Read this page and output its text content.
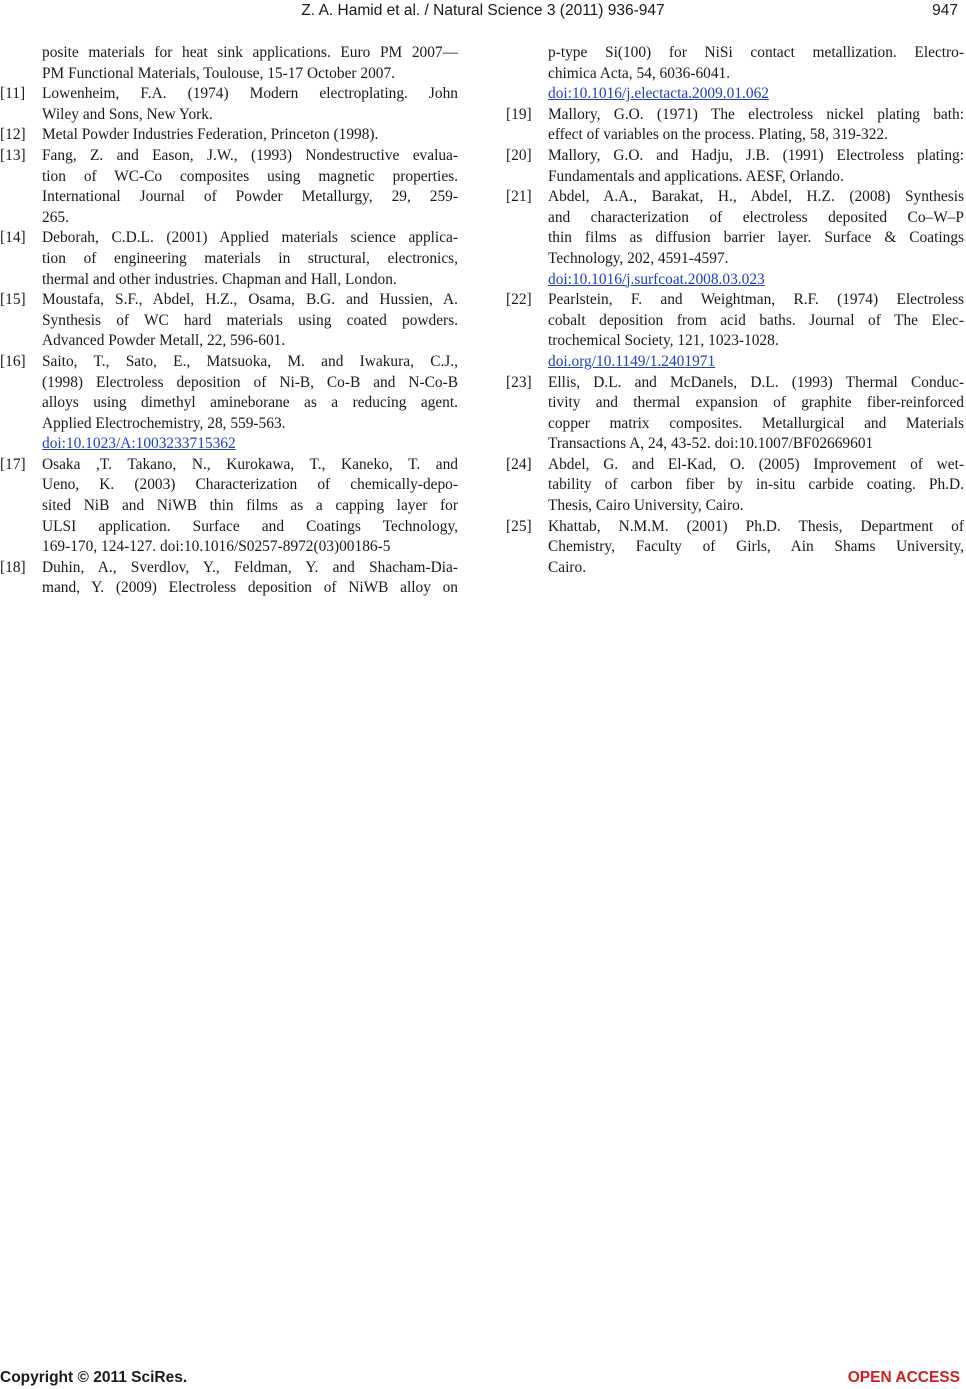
Z. A. Hamid et al. / Natural Science 3 (2011) 936-947	947
posite materials for heat sink applications. Euro PM 2007—
PM Functional Materials, Toulouse, 15-17 October 2007.
[11] Lowenheim, F.A. (1974) Modern electroplating. John
Wiley and Sons, New York.
[12] Metal Powder Industries Federation, Princeton (1998).
[13] Fang, Z. and Eason, J.W., (1993) Nondestructive evalua-
tion of WC-Co composites using magnetic properties.
International Journal of Powder Metallurgy, 29, 259-
265.
[14] Deborah, C.D.L. (2001) Applied materials science applica-
tion of engineering materials in structural, electronics,
thermal and other industries. Chapman and Hall, London.
[15] Moustafa, S.F., Abdel, H.Z., Osama, B.G. and Hussien, A.
Synthesis of WC hard materials using coated powders.
Advanced Powder Metall, 22, 596-601.
[16] Saito, T., Sato, E., Matsuoka, M. and Iwakura, C.J.,
(1998) Electroless deposition of Ni-B, Co-B and N-Co-B
alloys using dimethyl amineborane as a reducing agent.
Applied Electrochemistry, 28, 559-563.
doi:10.1023/A:1003233715362
[17] Osaka ,T. Takano, N., Kurokawa, T., Kaneko, T. and
Ueno, K. (2003) Characterization of chemically-depo-
sited NiB and NiWB thin films as a capping layer for
ULSI application. Surface and Coatings Technology,
169-170, 124-127. doi:10.1016/S0257-8972(03)00186-5
[18] Duhin, A., Sverdlov, Y., Feldman, Y. and Shacham-Dia-
mand, Y. (2009) Electroless deposition of NiWB alloy on
p-type Si(100) for NiSi contact metallization. Electro-
chimica Acta, 54, 6036-6041.
doi:10.1016/j.electacta.2009.01.062
[19] Mallory, G.O. (1971) The electroless nickel plating bath:
effect of variables on the process. Plating, 58, 319-322.
[20] Mallory, G.O. and Hadju, J.B. (1991) Electroless plating:
Fundamentals and applications. AESF, Orlando.
[21] Abdel, A.A., Barakat, H., Abdel, H.Z. (2008) Synthesis
and characterization of electroless deposited Co–W–P
thin films as diffusion barrier layer. Surface & Coatings
Technology, 202, 4591-4597.
doi:10.1016/j.surfcoat.2008.03.023
[22] Pearlstein, F. and Weightman, R.F. (1974) Electroless
cobalt deposition from acid baths. Journal of The Elec-
trochemical Society, 121, 1023-1028.
doi.org/10.1149/1.2401971
[23] Ellis, D.L. and McDanels, D.L. (1993) Thermal Conduc-
tivity and thermal expansion of graphite fiber-reinforced
copper matrix composites. Metallurgical and Materials
Transactions A, 24, 43-52. doi:10.1007/BF02669601
[24] Abdel, G. and El-Kad, O. (2005) Improvement of wet-
tability of carbon fiber by in-situ carbide coating. Ph.D.
Thesis, Cairo University, Cairo.
[25] Khattab, N.M.M. (2001) Ph.D. Thesis, Department of
Chemistry, Faculty of Girls, Ain Shams University,
Cairo.
Copyright © 2011 SciRes.	OPEN ACCESS
